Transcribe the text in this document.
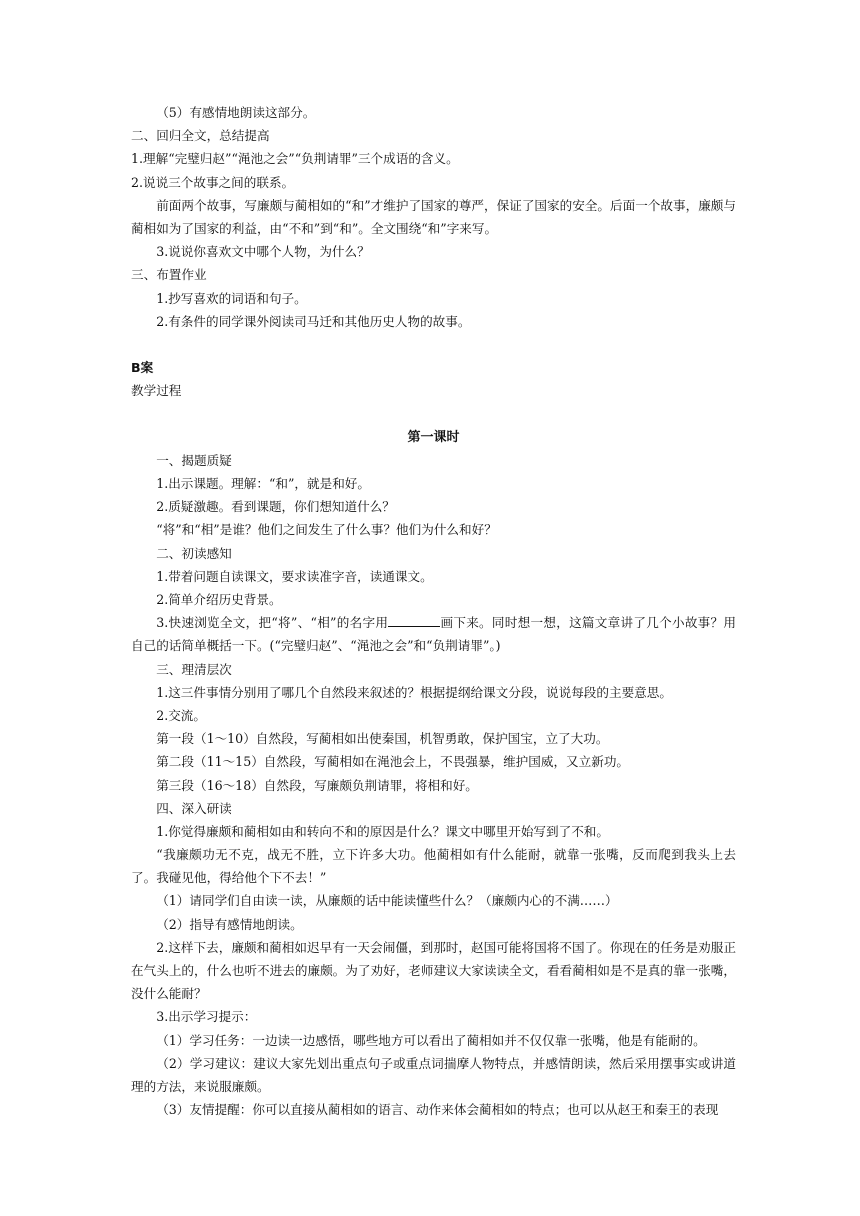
（5）有感情地朗读这部分。
二、回归全文，总结提高
1.理解“完璧归赵”“渑池之会”“负荆请罪”三个成语的含义。
2.说说三个故事之间的联系。
前面两个故事，写廉颇与蔺相如的“和”才维护了国家的尊严，保证了国家的安全。后面一个故事，廉颇与蔺相如为了国家的利益，由“不和”到“和”。全文围绕“和”字来写。
3.说说你喜欢文中哪个人物，为什么？
三、布置作业
1.抄写喜欢的词语和句子。
2.有条件的同学课外阅读司马迁和其他历史人物的故事。
B案
教学过程
第一课时
一、揭题质疑
1.出示课题。理解：“和”，就是和好。
2.质疑激趣。看到课题，你们想知道什么？
“将”和“相”是谁？他们之间发生了什么事？他们为什么和好？
二、初读感知
1.带着问题自读课文，要求读准字音，读通课文。
2.简单介绍历史背景。
3.快速浏览全文，把“将”、“相”的名字用	画下来。同时想一想，这篇文章讲了几个小故事？用自己的话简单概括一下。(“完璧归赵”、“渑池之会”和“负荆请罪”。)
三、理清层次
1.这三件事情分别用了哪几个自然段来叙述的？根据提纲给课文分段，说说每段的主要意思。
2.交流。
第一段（1～10）自然段，写蔺相如出使秦国，机智勇敢，保护国宝，立了大功。
第二段（11～15）自然段，写蔺相如在渑池会上，不畏强暴，维护国威，又立新功。
第三段（16～18）自然段，写廉颇负荆请罪，将相和好。
四、深入研读
1.你觉得廉颇和蔺相如由和转向不和的原因是什么？课文中哪里开始写到了不和。
“我廉颇功无不克，战无不胜，立下许多大功。他蔺相如有什么能耐，就靠一张嘴，反而爬到我头上去了。我碰见他，得给他个下不去！”
（1）请同学们自由读一读，从廉颇的话中能读懂些什么？（廉颇内心的不满……）
（2）指导有感情地朗读。
2.这样下去，廉颇和蔺相如迟早有一天会闹僵，到那时，赵国可能将国将不国了。你现在的任务是劝服正在气头上的，什么也听不进去的廉颇。为了劝好，老师建议大家读读全文，看看蔺相如是不是真的靠一张嘴，没什么能耐？
3.出示学习提示：
（1）学习任务：一边读一边感悟，哪些地方可以看出了蔺相如并不仅仅靠一张嘴，他是有能耐的。
（2）学习建议：建议大家先划出重点句子或重点词揣摩人物特点，并感情朗读，然后采用摆事实或讲道理的方法，来说服廉颇。
（3）友情提醒：你可以直接从蔺相如的语言、动作来体会蔺相如的特点；也可以从赵王和秦王的表现
